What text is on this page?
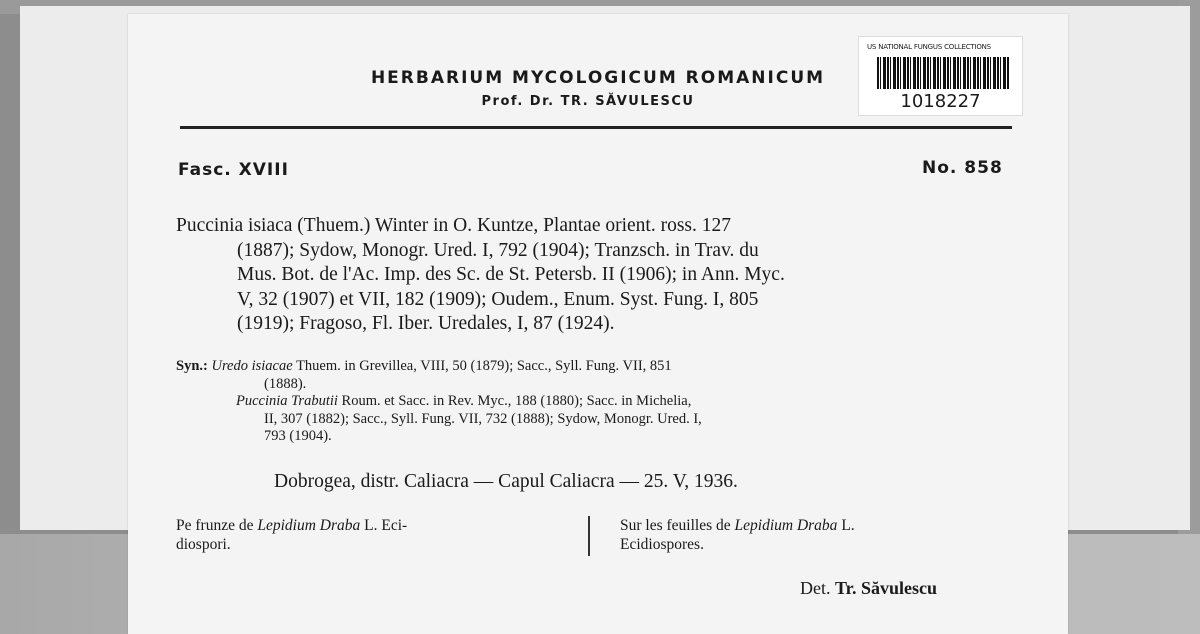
HERBARIUM MYCOLOGICUM ROMANICUM
Prof. Dr. TR. SĂVULESCU
US NATIONAL FUNGUS COLLECTIONS
1018227
Fasc. XVIII	No. 858
Puccinia isiaca (Thuem.) Winter in O. Kuntze, Plantae orient. ross. 127
(1887); Sydow, Monogr. Ured. I, 792 (1904); Tranzsch. in Trav. du
Mus. Bot. de l'Ac. Imp. des Sc. de St. Petersb. II (1906); in Ann. Myc.
V, 32 (1907) et VII, 182 (1909); Oudem., Enum. Syst. Fung. I, 805
(1919); Fragoso, Fl. Iber. Uredales, I, 87 (1924).
Syn.: Uredo isiacae Thuem. in Grevillea, VIII, 50 (1879); Sacc., Syll. Fung. VII, 851
(1888).
Puccinia Trabutii Roum. et Sacc. in Rev. Myc., 188 (1880); Sacc. in Michelia,
II, 307 (1882); Sacc., Syll. Fung. VII, 732 (1888); Sydow, Monogr. Ured. I,
793 (1904).
Dobrogea, distr. Caliacra — Capul Caliacra — 25. V, 1936.
Pe frunze de Lepidium Draba L. Eci-
diospori.
Sur les feuilles de Lepidium Draba L.
Ecidiospores.
Det. Tr. Săvulescu
